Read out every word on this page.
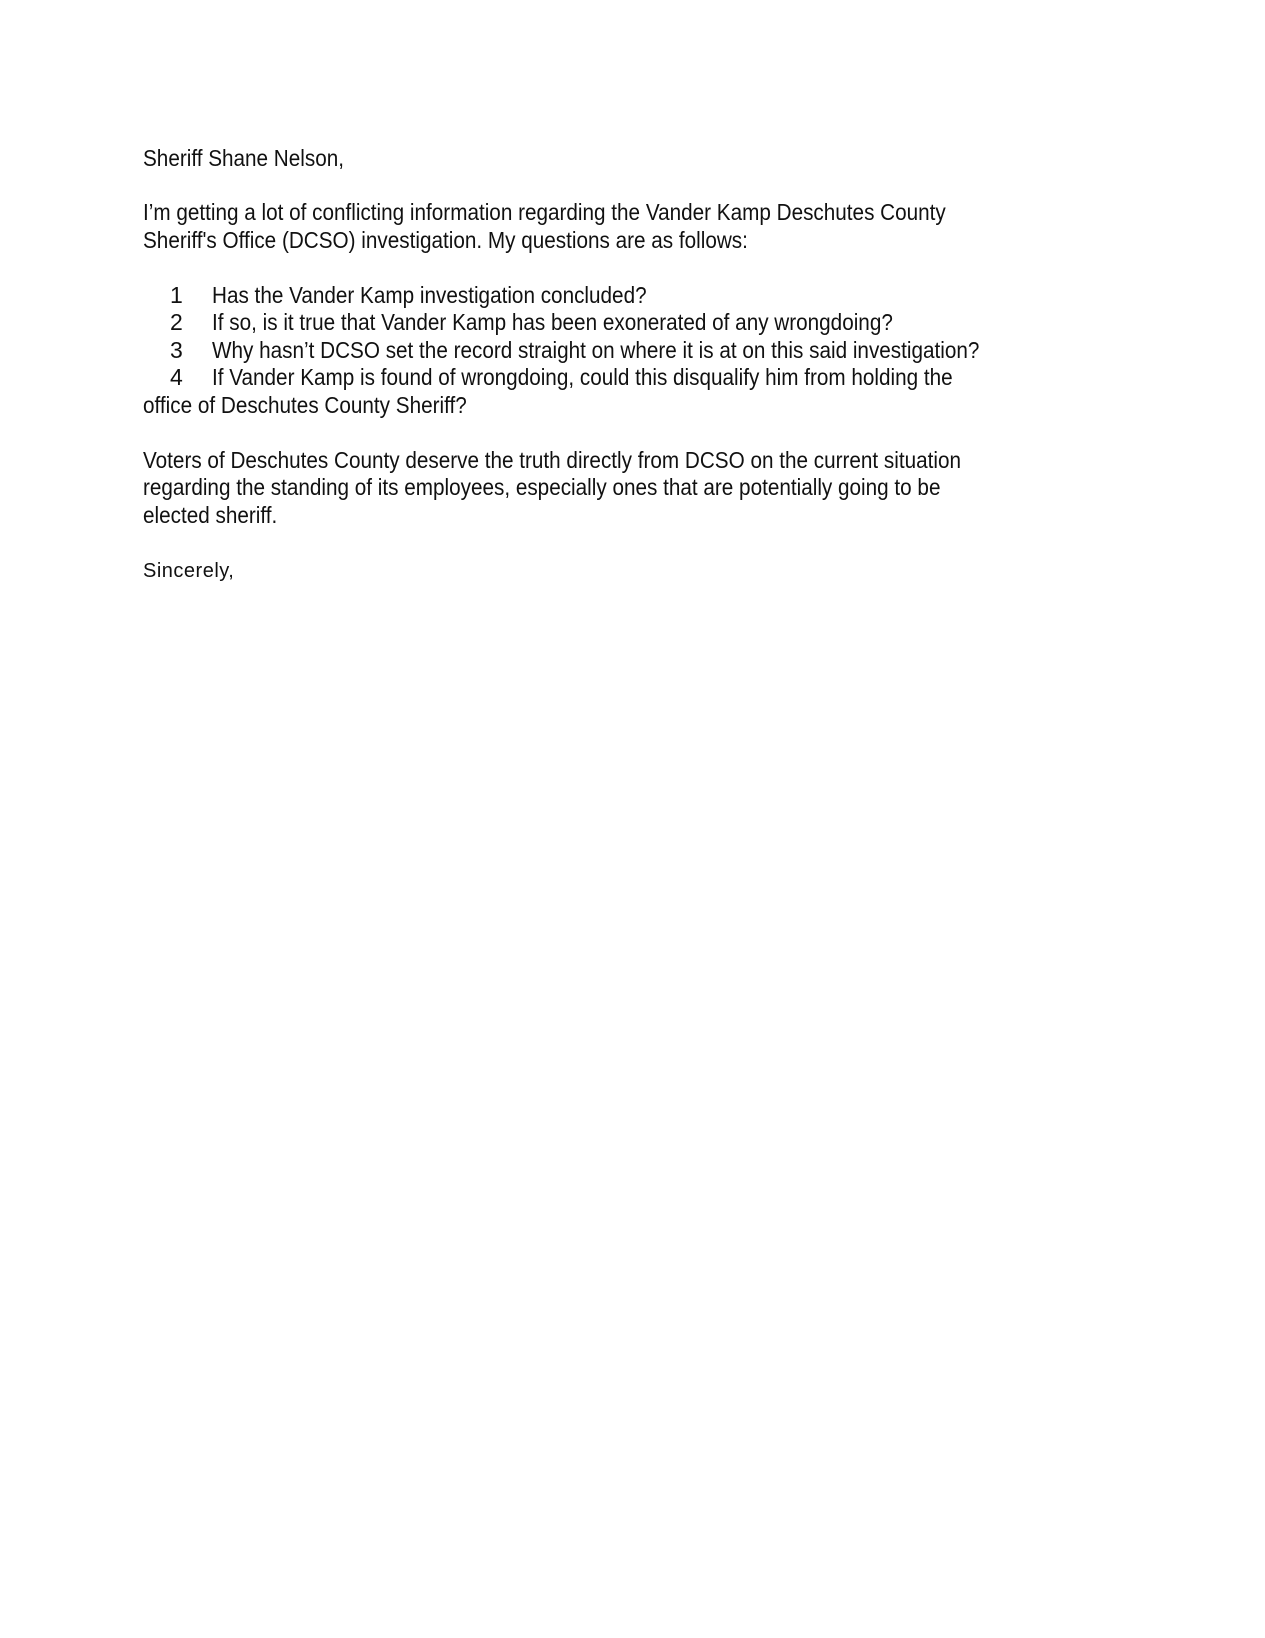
Sheriff Shane Nelson,
I’m getting a lot of conflicting information regarding the Vander Kamp Deschutes County
Sheriff's Office (DCSO) investigation. My questions are as follows:
1 Has the Vander Kamp investigation concluded?
2 If so, is it true that Vander Kamp has been exonerated of any wrongdoing?
3 Why hasn’t DCSO set the record straight on where it is at on this said investigation?
4 If Vander Kamp is found of wrongdoing, could this disqualify him from holding the
office of Deschutes County Sheriff?
Voters of Deschutes County deserve the truth directly from DCSO on the current situation
regarding the standing of its employees, especially ones that are potentially going to be
elected sheriff.
Sincerely,
